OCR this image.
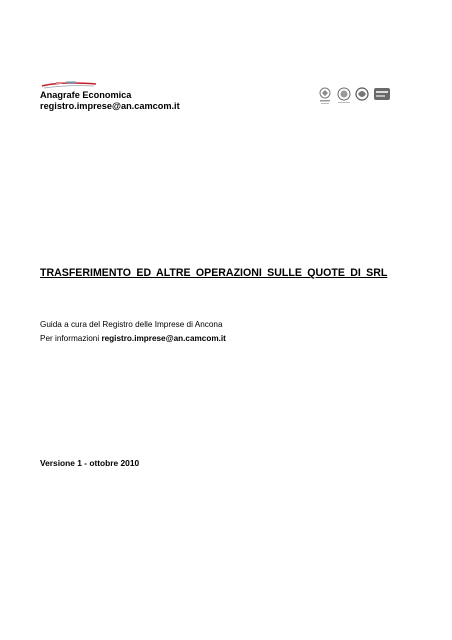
Anagrafe Economica
registro.imprese@an.camcom.it
TRASFERIMENTO ED ALTRE OPERAZIONI SULLE QUOTE DI SRL
Guida a cura del Registro delle Imprese di Ancona
Per informazioni registro.imprese@an.camcom.it
Versione 1 - ottobre 2010
